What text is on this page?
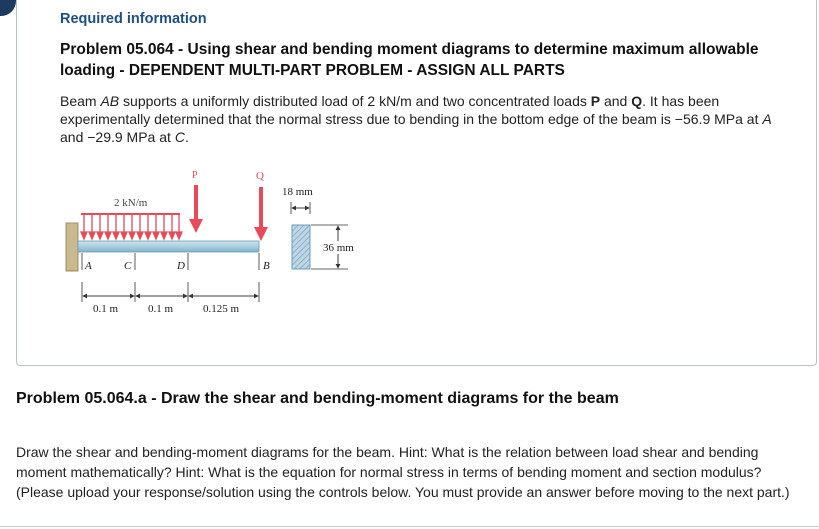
Required information
Problem 05.064 - Using shear and bending moment diagrams to determine maximum allowable loading - DEPENDENT MULTI-PART PROBLEM - ASSIGN ALL PARTS
Beam AB supports a uniformly distributed load of 2 kN/m and two concentrated loads P and Q. It has been experimentally determined that the normal stress due to bending in the bottom edge of the beam is −56.9 MPa at A and −29.9 MPa at C.
2 kN/m
P	Q
A	C	D	B
0.1 m	0.1 m	0.125 m
18 mm
36 mm
Problem 05.064.a - Draw the shear and bending-moment diagrams for the beam
Draw the shear and bending-moment diagrams for the beam. Hint: What is the relation between load shear and bending moment mathematically? Hint: What is the equation for normal stress in terms of bending moment and section modulus? (Please upload your response/solution using the controls below. You must provide an answer before moving to the next part.)
